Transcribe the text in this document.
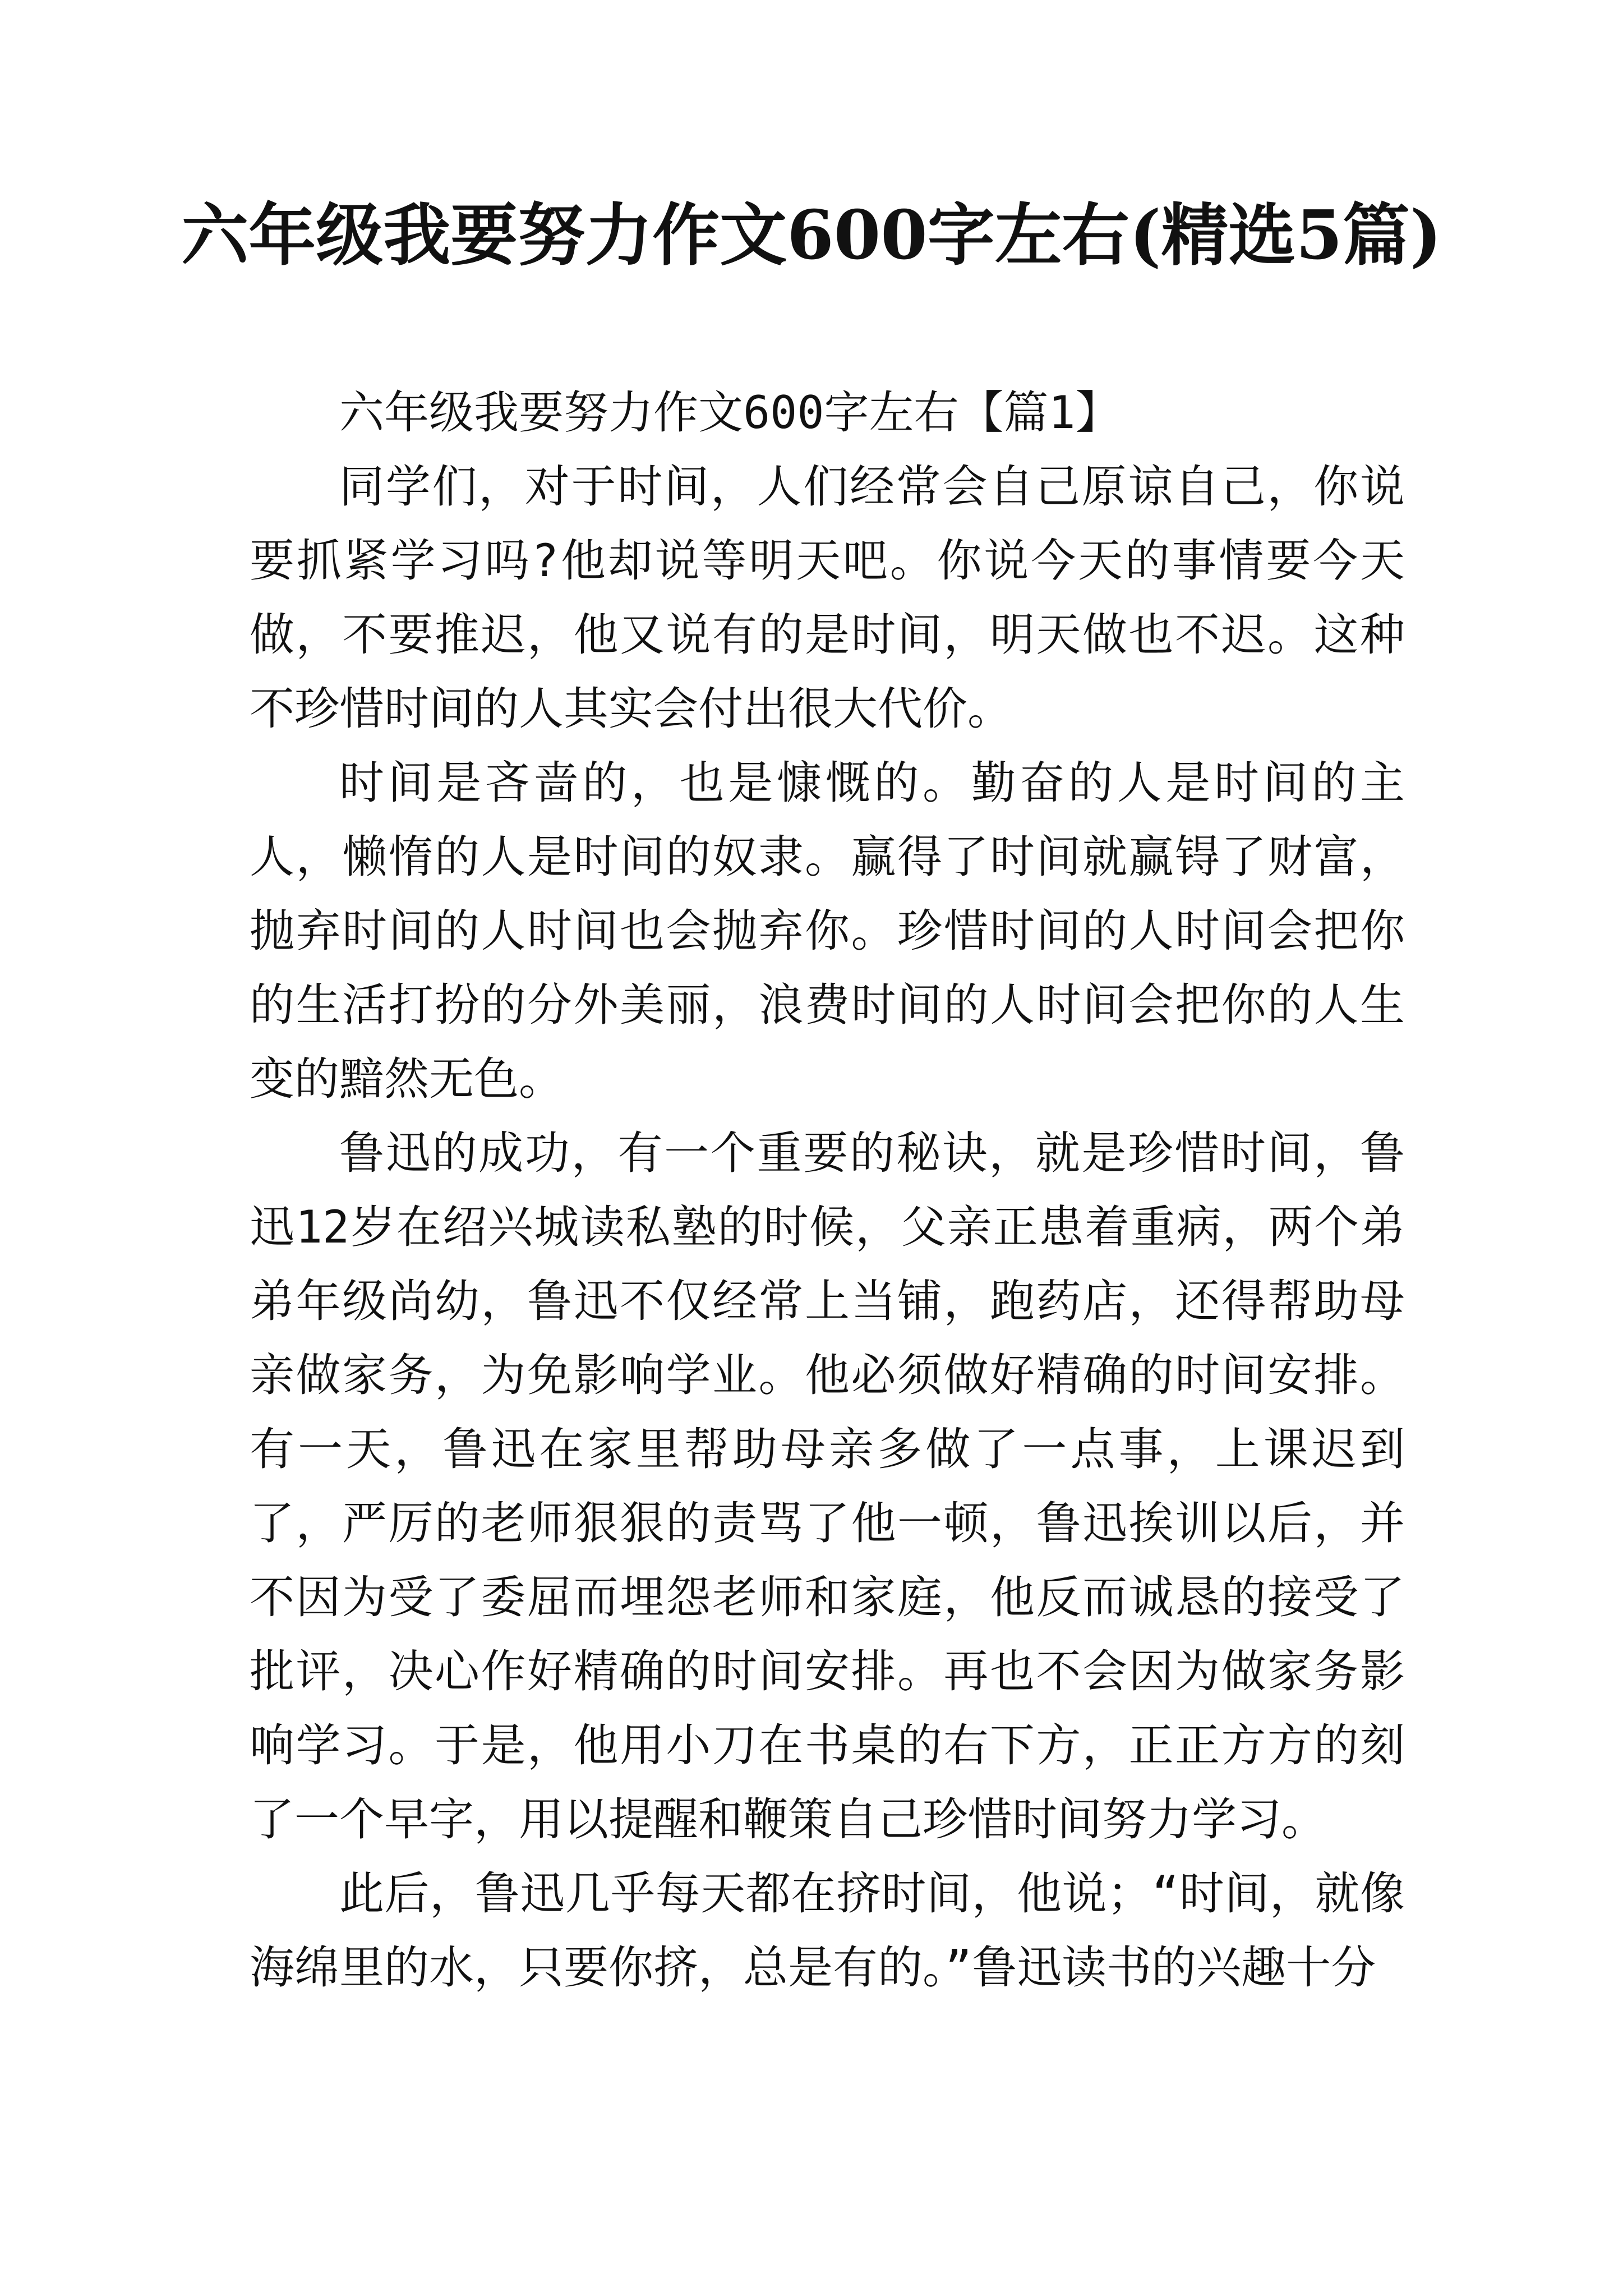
六年级我要努力作文600字左右(精选5篇)

六年级我要努力作文600字左右【篇1】

同学们，对于时间，人们经常会自己原谅自己，你说要抓紧学习吗?他却说等明天吧。你说今天的事情要今天做，不要推迟，他又说有的是时间，明天做也不迟。这种不珍惜时间的人其实会付出很大代价。

时间是吝啬的，也是慷慨的。勤奋的人是时间的主人，懒惰的人是时间的奴隶。赢得了时间就赢锝了财富，抛弃时间的人时间也会抛弃你。珍惜时间的人时间会把你的生活打扮的分外美丽，浪费时间的人时间会把你的人生变的黯然无色。

鲁迅的成功，有一个重要的秘诀，就是珍惜时间，鲁迅12岁在绍兴城读私塾的时候，父亲正患着重病，两个弟弟年级尚幼，鲁迅不仅经常上当铺，跑药店，还得帮助母亲做家务，为免影响学业。他必须做好精确的时间安排。有一天，鲁迅在家里帮助母亲多做了一点事，上课迟到了，严厉的老师狠狠的责骂了他一顿，鲁迅挨训以后，并不因为受了委屈而埋怨老师和家庭，他反而诚恳的接受了批评，决心作好精确的时间安排。再也不会因为做家务影响学习。于是，他用小刀在书桌的右下方，正正方方的刻了一个早字，用以提醒和鞭策自己珍惜时间努力学习。

此后，鲁迅几乎每天都在挤时间，他说；“时间，就像海绵里的水，只要你挤，总是有的。”鲁迅读书的兴趣十分
